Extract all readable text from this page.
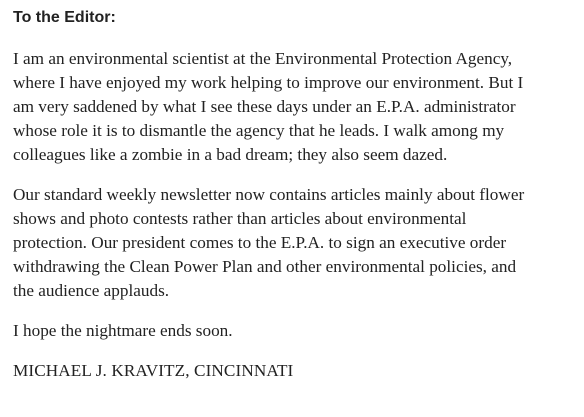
To the Editor:

I am an environmental scientist at the Environmental Protection Agency,
where I have enjoyed my work helping to improve our environment. But I
am very saddened by what I see these days under an E.P.A. administrator
whose role it is to dismantle the agency that he leads. I walk among my
colleagues like a zombie in a bad dream; they also seem dazed.

Our standard weekly newsletter now contains articles mainly about flower
shows and photo contests rather than articles about environmental
protection. Our president comes to the E.P.A. to sign an executive order
withdrawing the Clean Power Plan and other environmental policies, and
the audience applauds.

I hope the nightmare ends soon.

MICHAEL J. KRAVITZ, CINCINNATI
